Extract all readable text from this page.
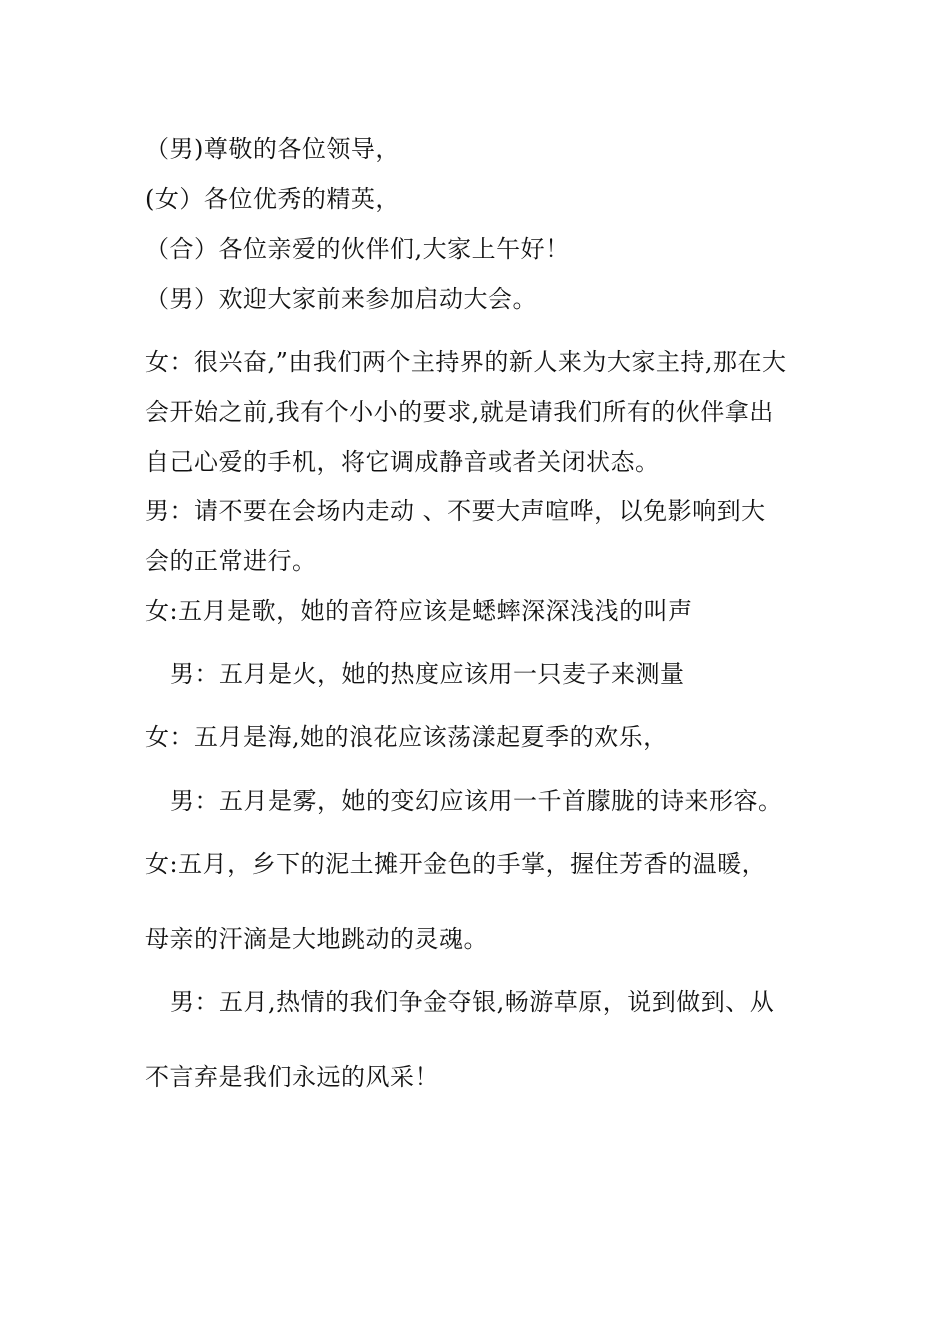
（男)尊敬的各位领导，
(女）各位优秀的精英，
（合）各位亲爱的伙伴们,大家上午好！
（男）欢迎大家前来参加启动大会。
女：很兴奋,”由我们两个主持界的新人来为大家主持,那在大
会开始之前,我有个小小的要求,就是请我们所有的伙伴拿出
自己心爱的手机，将它调成静音或者关闭状态。
男：请不要在会场内走动 、不要大声喧哗，以免影响到大
会的正常进行。
女:五月是歌，她的音符应该是蟋蟀深深浅浅的叫声
男：五月是火，她的热度应该用一只麦子来测量
女：五月是海,她的浪花应该荡漾起夏季的欢乐，
男：五月是雾，她的变幻应该用一千首朦胧的诗来形容。
女:五月，乡下的泥土摊开金色的手掌，握住芳香的温暖，
母亲的汗滴是大地跳动的灵魂。
男：五月,热情的我们争金夺银,畅游草原，说到做到、从
不言弃是我们永远的风采！
